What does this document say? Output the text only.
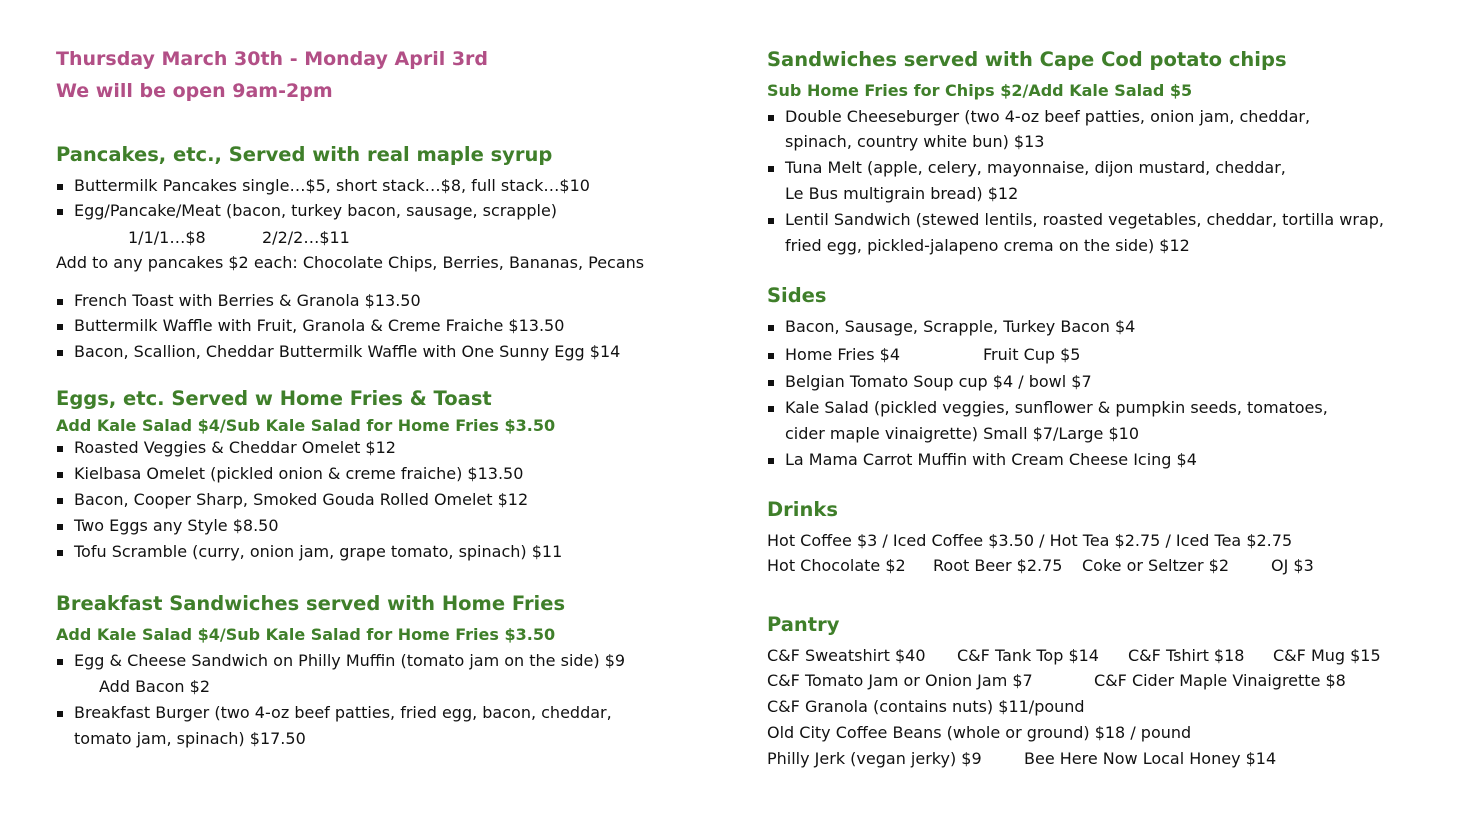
Thursday March 30th - Monday April 3rd
We will be open 9am-2pm
Pancakes, etc., Served with real maple syrup
Buttermilk Pancakes single…$5, short stack…$8, full stack…$10
Egg/Pancake/Meat (bacon, turkey bacon, sausage, scrapple)
1/1/1…$8	2/2/2…$11
Add to any pancakes $2 each: Chocolate Chips, Berries, Bananas, Pecans
French Toast with Berries & Granola $13.50
Buttermilk Waffle with Fruit, Granola & Creme Fraiche $13.50
Bacon, Scallion, Cheddar Buttermilk Waffle with One Sunny Egg $14
Eggs, etc. Served w Home Fries & Toast
Add Kale Salad $4/Sub Kale Salad for Home Fries $3.50
Roasted Veggies & Cheddar Omelet $12
Kielbasa Omelet (pickled onion & creme fraiche) $13.50
Bacon, Cooper Sharp, Smoked Gouda Rolled Omelet $12
Two Eggs any Style $8.50
Tofu Scramble (curry, onion jam, grape tomato, spinach) $11
Breakfast Sandwiches served with Home Fries
Add Kale Salad $4/Sub Kale Salad for Home Fries $3.50
Egg & Cheese Sandwich on Philly Muffin (tomato jam on the side) $9
Add Bacon $2
Breakfast Burger (two 4-oz beef patties, fried egg, bacon, cheddar,
tomato jam, spinach) $17.50
Sandwiches served with Cape Cod potato chips
Sub Home Fries for Chips $2/Add Kale Salad $5
Double Cheeseburger (two 4-oz beef patties, onion jam, cheddar,
spinach, country white bun) $13
Tuna Melt (apple, celery, mayonnaise, dijon mustard, cheddar,
Le Bus multigrain bread) $12
Lentil Sandwich (stewed lentils, roasted vegetables, cheddar, tortilla wrap,
fried egg, pickled-jalapeno crema on the side) $12
Sides
Bacon, Sausage, Scrapple, Turkey Bacon $4
Home Fries $4	Fruit Cup $5
Belgian Tomato Soup cup $4 / bowl $7
Kale Salad (pickled veggies, sunflower & pumpkin seeds, tomatoes,
cider maple vinaigrette) Small $7/Large $10
La Mama Carrot Muffin with Cream Cheese Icing $4
Drinks
Hot Coffee $3 / Iced Coffee $3.50 / Hot Tea $2.75 / Iced Tea $2.75
Hot Chocolate $2 Root Beer $2.75 Coke or Seltzer $2	OJ $3
Pantry
C&F Sweatshirt $40 C&F Tank Top $14 C&F Tshirt $18 C&F Mug $15
C&F Tomato Jam or Onion Jam $7	C&F Cider Maple Vinaigrette $8
C&F Granola (contains nuts) $11/pound
Old City Coffee Beans (whole or ground) $18 / pound
Philly Jerk (vegan jerky) $9	Bee Here Now Local Honey $14
